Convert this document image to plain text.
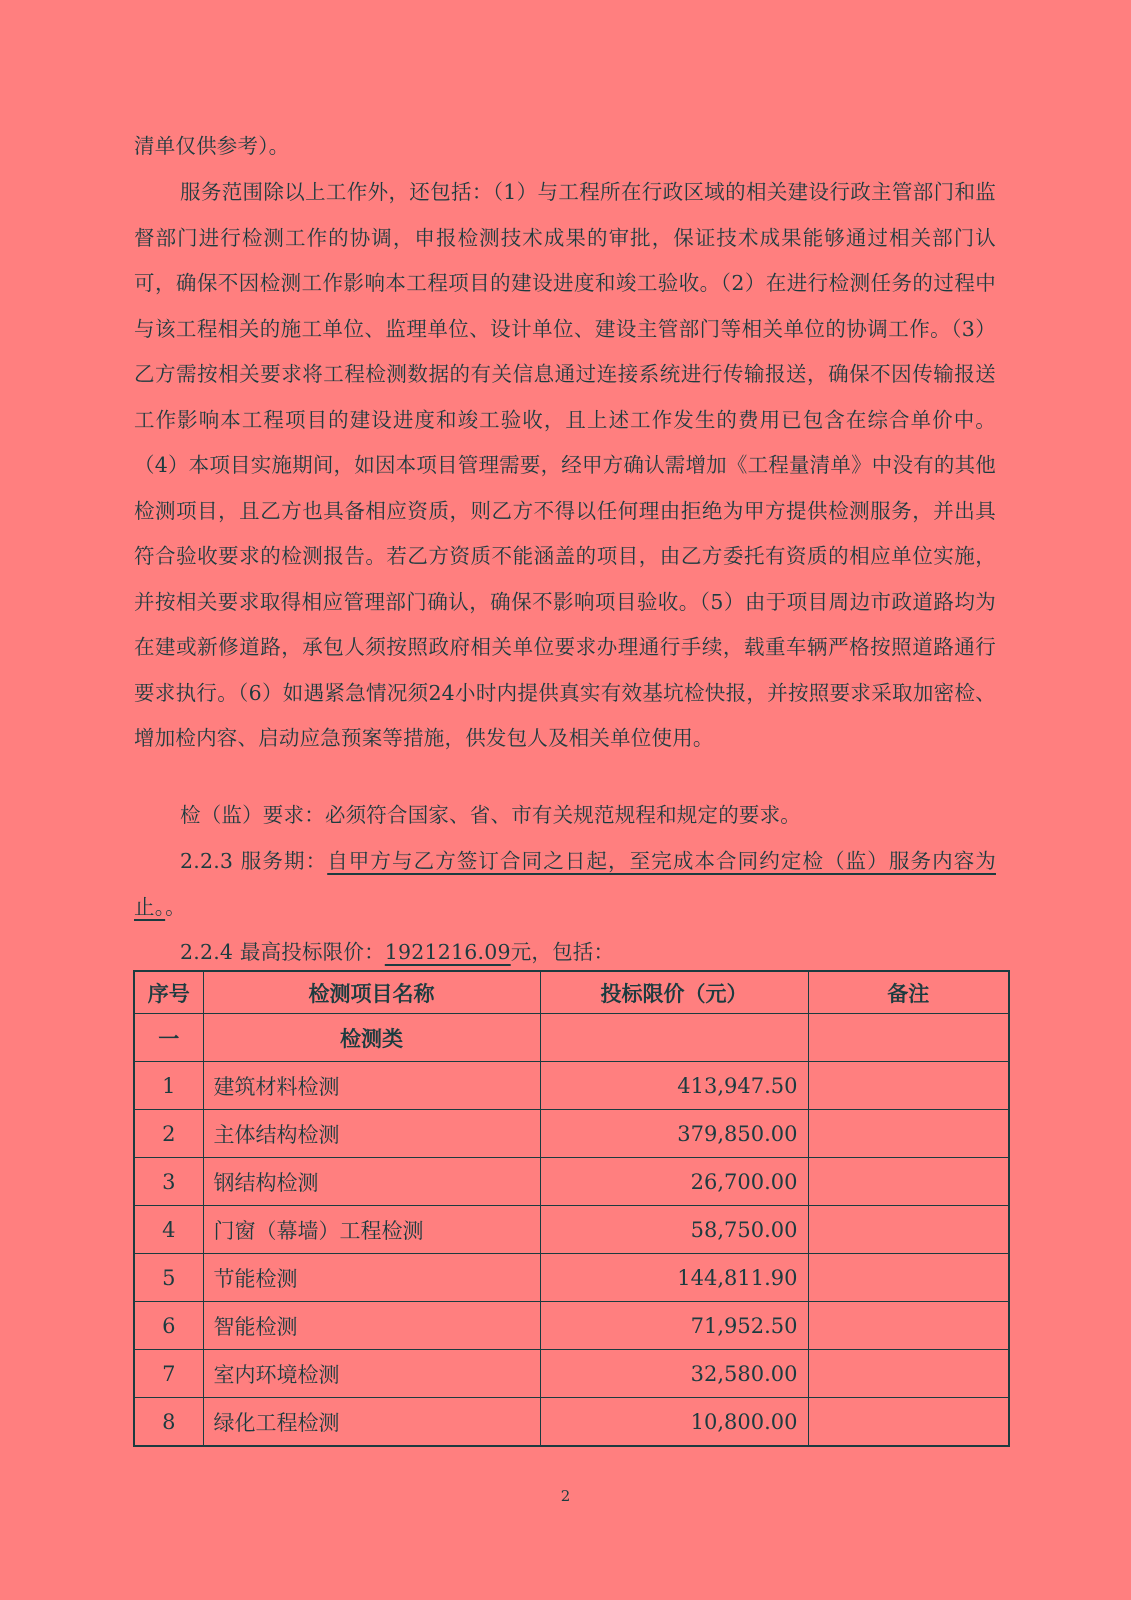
清单仅供参考）。

服务范围除以上工作外，还包括：（1）与工程所在行政区域的相关建设行政主管部门和监督部门进行检测工作的协调，申报检测技术成果的审批，保证技术成果能够通过相关部门认可，确保不因检测工作影响本工程项目的建设进度和竣工验收。（2）在进行检测任务的过程中与该工程相关的施工单位、监理单位、设计单位、建设主管部门等相关单位的协调工作。（3）乙方需按相关要求将工程检测数据的有关信息通过连接系统进行传输报送，确保不因传输报送工作影响本工程项目的建设进度和竣工验收，且上述工作发生的费用已包含在综合单价中。（4）本项目实施期间，如因本项目管理需要，经甲方确认需增加《工程量清单》中没有的其他检测项目，且乙方也具备相应资质，则乙方不得以任何理由拒绝为甲方提供检测服务，并出具符合验收要求的检测报告。若乙方资质不能涵盖的项目，由乙方委托有资质的相应单位实施，并按相关要求取得相应管理部门确认，确保不影响项目验收。（5）由于项目周边市政道路均为在建或新修道路，承包人须按照政府相关单位要求办理通行手续，载重车辆严格按照道路通行要求执行。（6）如遇紧急情况须24小时内提供真实有效基坑检快报，并按照要求采取加密检、增加检内容、启动应急预案等措施，供发包人及相关单位使用。

检（监）要求：必须符合国家、省、市有关规范规程和规定的要求。

2.2.3 服务期：自甲方与乙方签订合同之日起，至完成本合同约定检（监）服务内容为止。。

2.2.4 最高投标限价：1921216.09元，包括：

序号	检测项目名称	投标限价（元）	备注
一	检测类		
1	建筑材料检测	413,947.50	
2	主体结构检测	379,850.00	
3	钢结构检测	26,700.00	
4	门窗（幕墙）工程检测	58,750.00	
5	节能检测	144,811.90	
6	智能检测	71,952.50	
7	室内环境检测	32,580.00	
8	绿化工程检测	10,800.00	
2
